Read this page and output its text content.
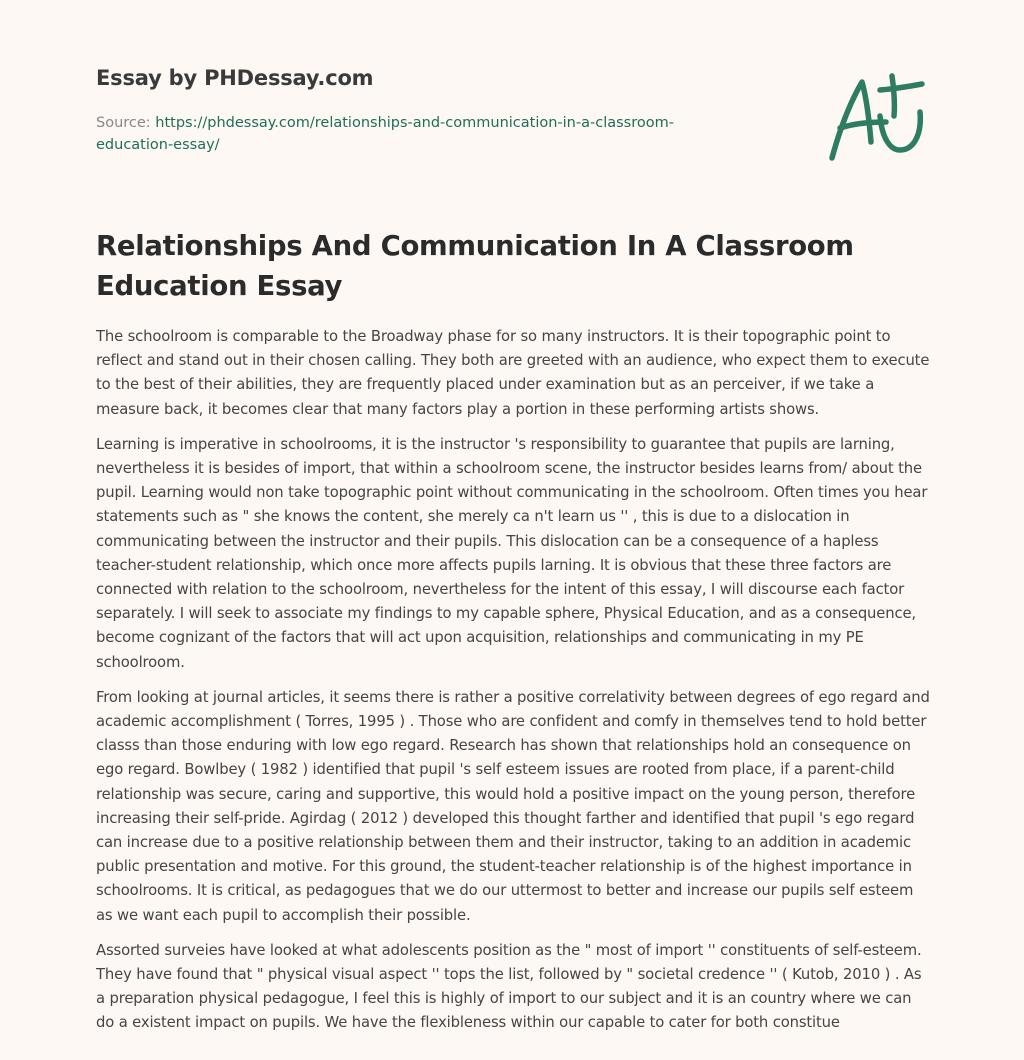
Essay by PHDessay.com
Source: https://phdessay.com/relationships-and-communication-in-a-classroom-education-essay/
Relationships And Communication In A Classroom Education Essay

The schoolroom is comparable to the Broadway phase for so many instructors. It is their topographic point to reflect and stand out in their chosen calling. They both are greeted with an audience, who expect them to execute to the best of their abilities, they are frequently placed under examination but as an perceiver, if we take a measure back, it becomes clear that many factors play a portion in these performing artists shows.

Learning is imperative in schoolrooms, it is the instructor 's responsibility to guarantee that pupils are larning, nevertheless it is besides of import, that within a schoolroom scene, the instructor besides learns from/ about the pupil. Learning would non take topographic point without communicating in the schoolroom. Often times you hear statements such as " she knows the content, she merely ca n't learn us '' , this is due to a dislocation in communicating between the instructor and their pupils. This dislocation can be a consequence of a hapless teacher-student relationship, which once more affects pupils larning. It is obvious that these three factors are connected with relation to the schoolroom, nevertheless for the intent of this essay, I will discourse each factor separately. I will seek to associate my findings to my capable sphere, Physical Education, and as a consequence, become cognizant of the factors that will act upon acquisition, relationships and communicating in my PE schoolroom.

From looking at journal articles, it seems there is rather a positive correlativity between degrees of ego regard and academic accomplishment ( Torres, 1995 ) . Those who are confident and comfy in themselves tend to hold better classs than those enduring with low ego regard. Research has shown that relationships hold an consequence on ego regard. Bowlbey ( 1982 ) identified that pupil 's self esteem issues are rooted from place, if a parent-child relationship was secure, caring and supportive, this would hold a positive impact on the young person, therefore increasing their self-pride. Agirdag ( 2012 ) developed this thought farther and identified that pupil 's ego regard can increase due to a positive relationship between them and their instructor, taking to an addition in academic public presentation and motive. For this ground, the student-teacher relationship is of the highest importance in schoolrooms. It is critical, as pedagogues that we do our uttermost to better and increase our pupils self esteem as we want each pupil to accomplish their possible.

Assorted surveies have looked at what adolescents position as the " most of import '' constituents of self-esteem. They have found that " physical visual aspect '' tops the list, followed by " societal credence '' ( Kutob, 2010 ) . As a preparation physical pedagogue, I feel this is highly of import to our subject and it is an country where we can do a existent impact on pupils. We have the flexibleness within our capable to cater for both constitue
